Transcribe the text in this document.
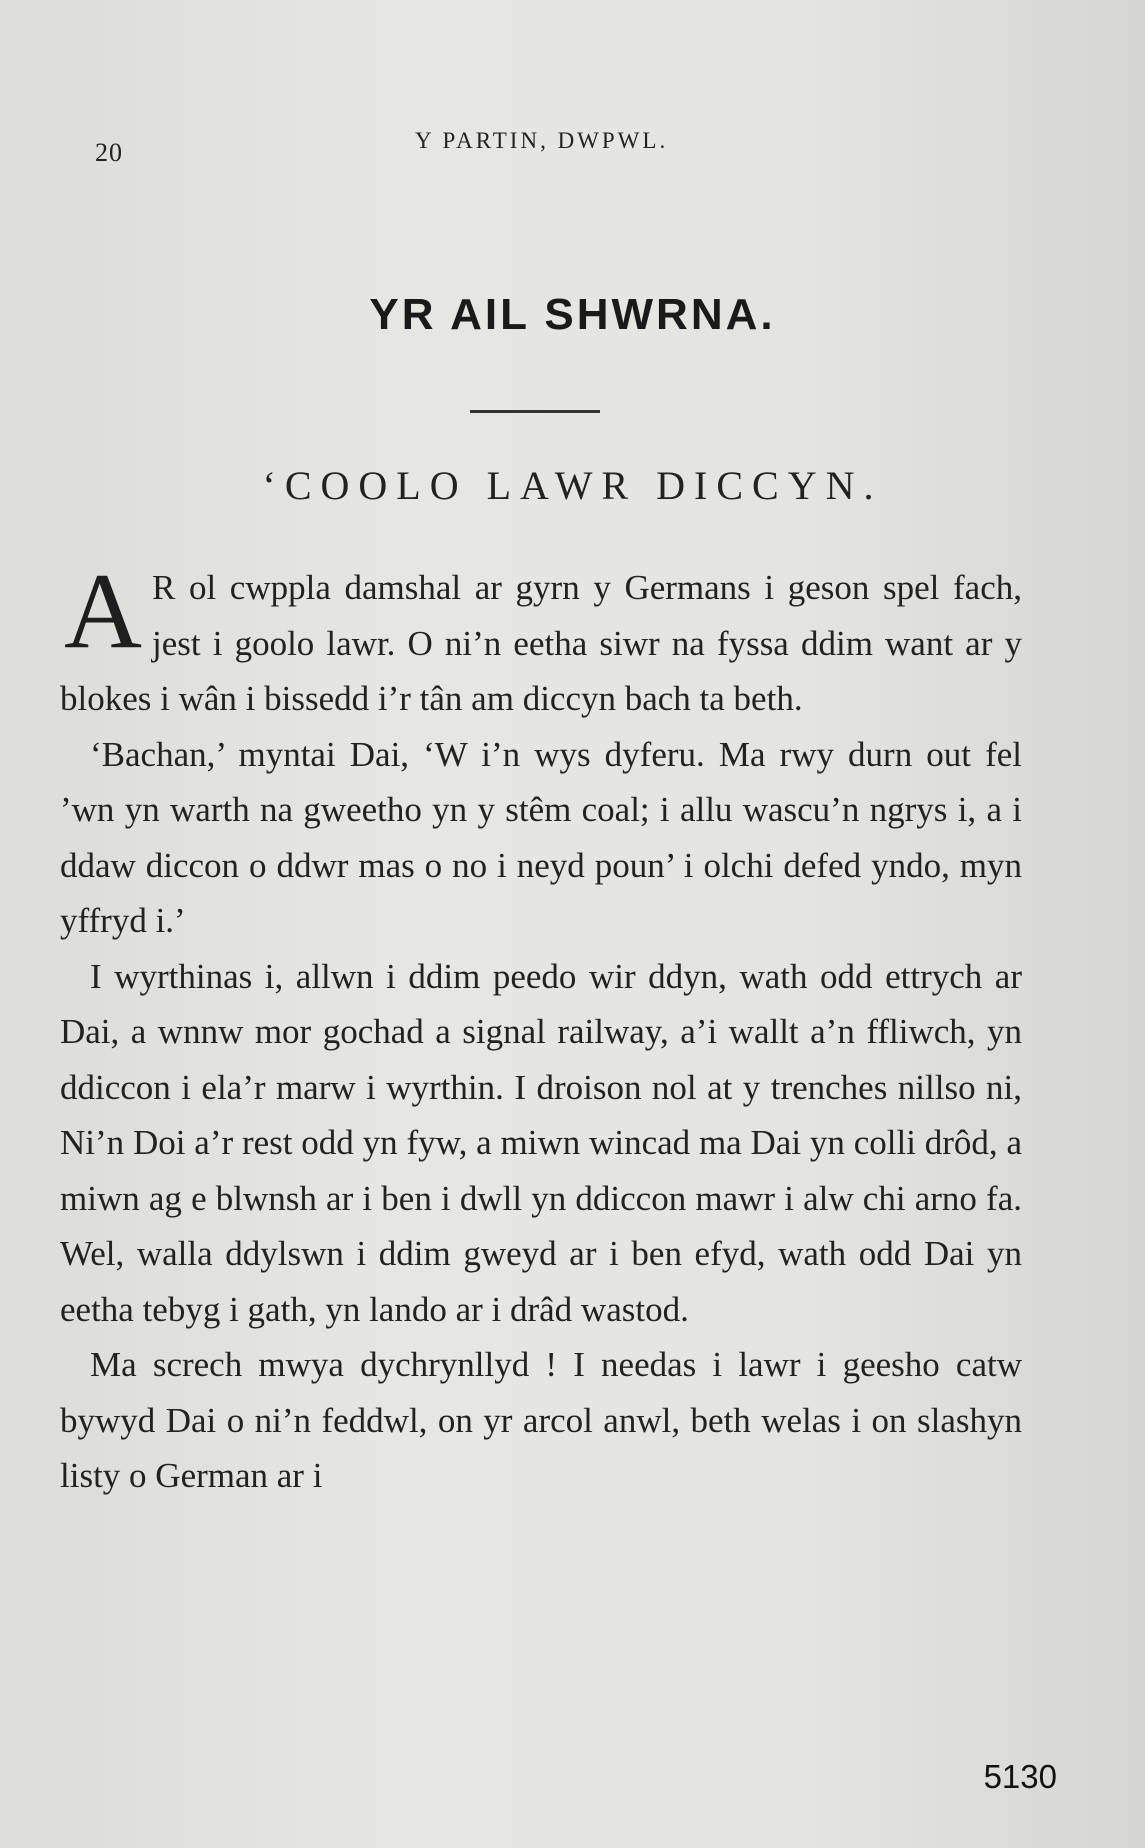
20	Y PARTIN, DWPWL.
YR AIL SHWRNA.
‘COOLO LAWR DICCYN.

A R ol cwppla damshal ar gyrn y Germans i geson spel fach, jest i goolo lawr. O ni’n eetha siwr na fyssa ddim want ar y blokes i wân i bissedd i’r tân am diccyn bach ta beth.

‘Bachan,’ myntai Dai, ‘W i’n wys dyferu. Ma rwy durn out fel ’wn yn warth na gweetho yn y stêm coal; i allu wascu’n ngrys i, a i ddaw diccon o ddwr mas o no i neyd poun’ i olchi defed yndo, myn yffryd i.’

I wyrthinas i, allwn i ddim peedo wir ddyn, wath odd ettrych ar Dai, a wnnw mor gochad a signal railway, a’i wallt a’n ffliwch, yn ddiccon i ela’r marw i wyrthin. I droison nol at y trenches nillso ni, Ni’n Doi a’r rest odd yn fyw, a miwn wincad ma Dai yn colli drôd, a miwn ag e blwnsh ar i ben i dwll yn ddiccon mawr i alw chi arno fa. Wel, walla ddylswn i ddim gweyd ar i ben efyd, wath odd Dai yn eetha tebyg i gath, yn lando ar i drâd wastod.

Ma screch mwya dychrynllyd ! I needas i lawr i geesho catw bywyd Dai o ni’n feddwl, on yr arcol anwl, beth welas i on slashyn listy o German ar i

5130
